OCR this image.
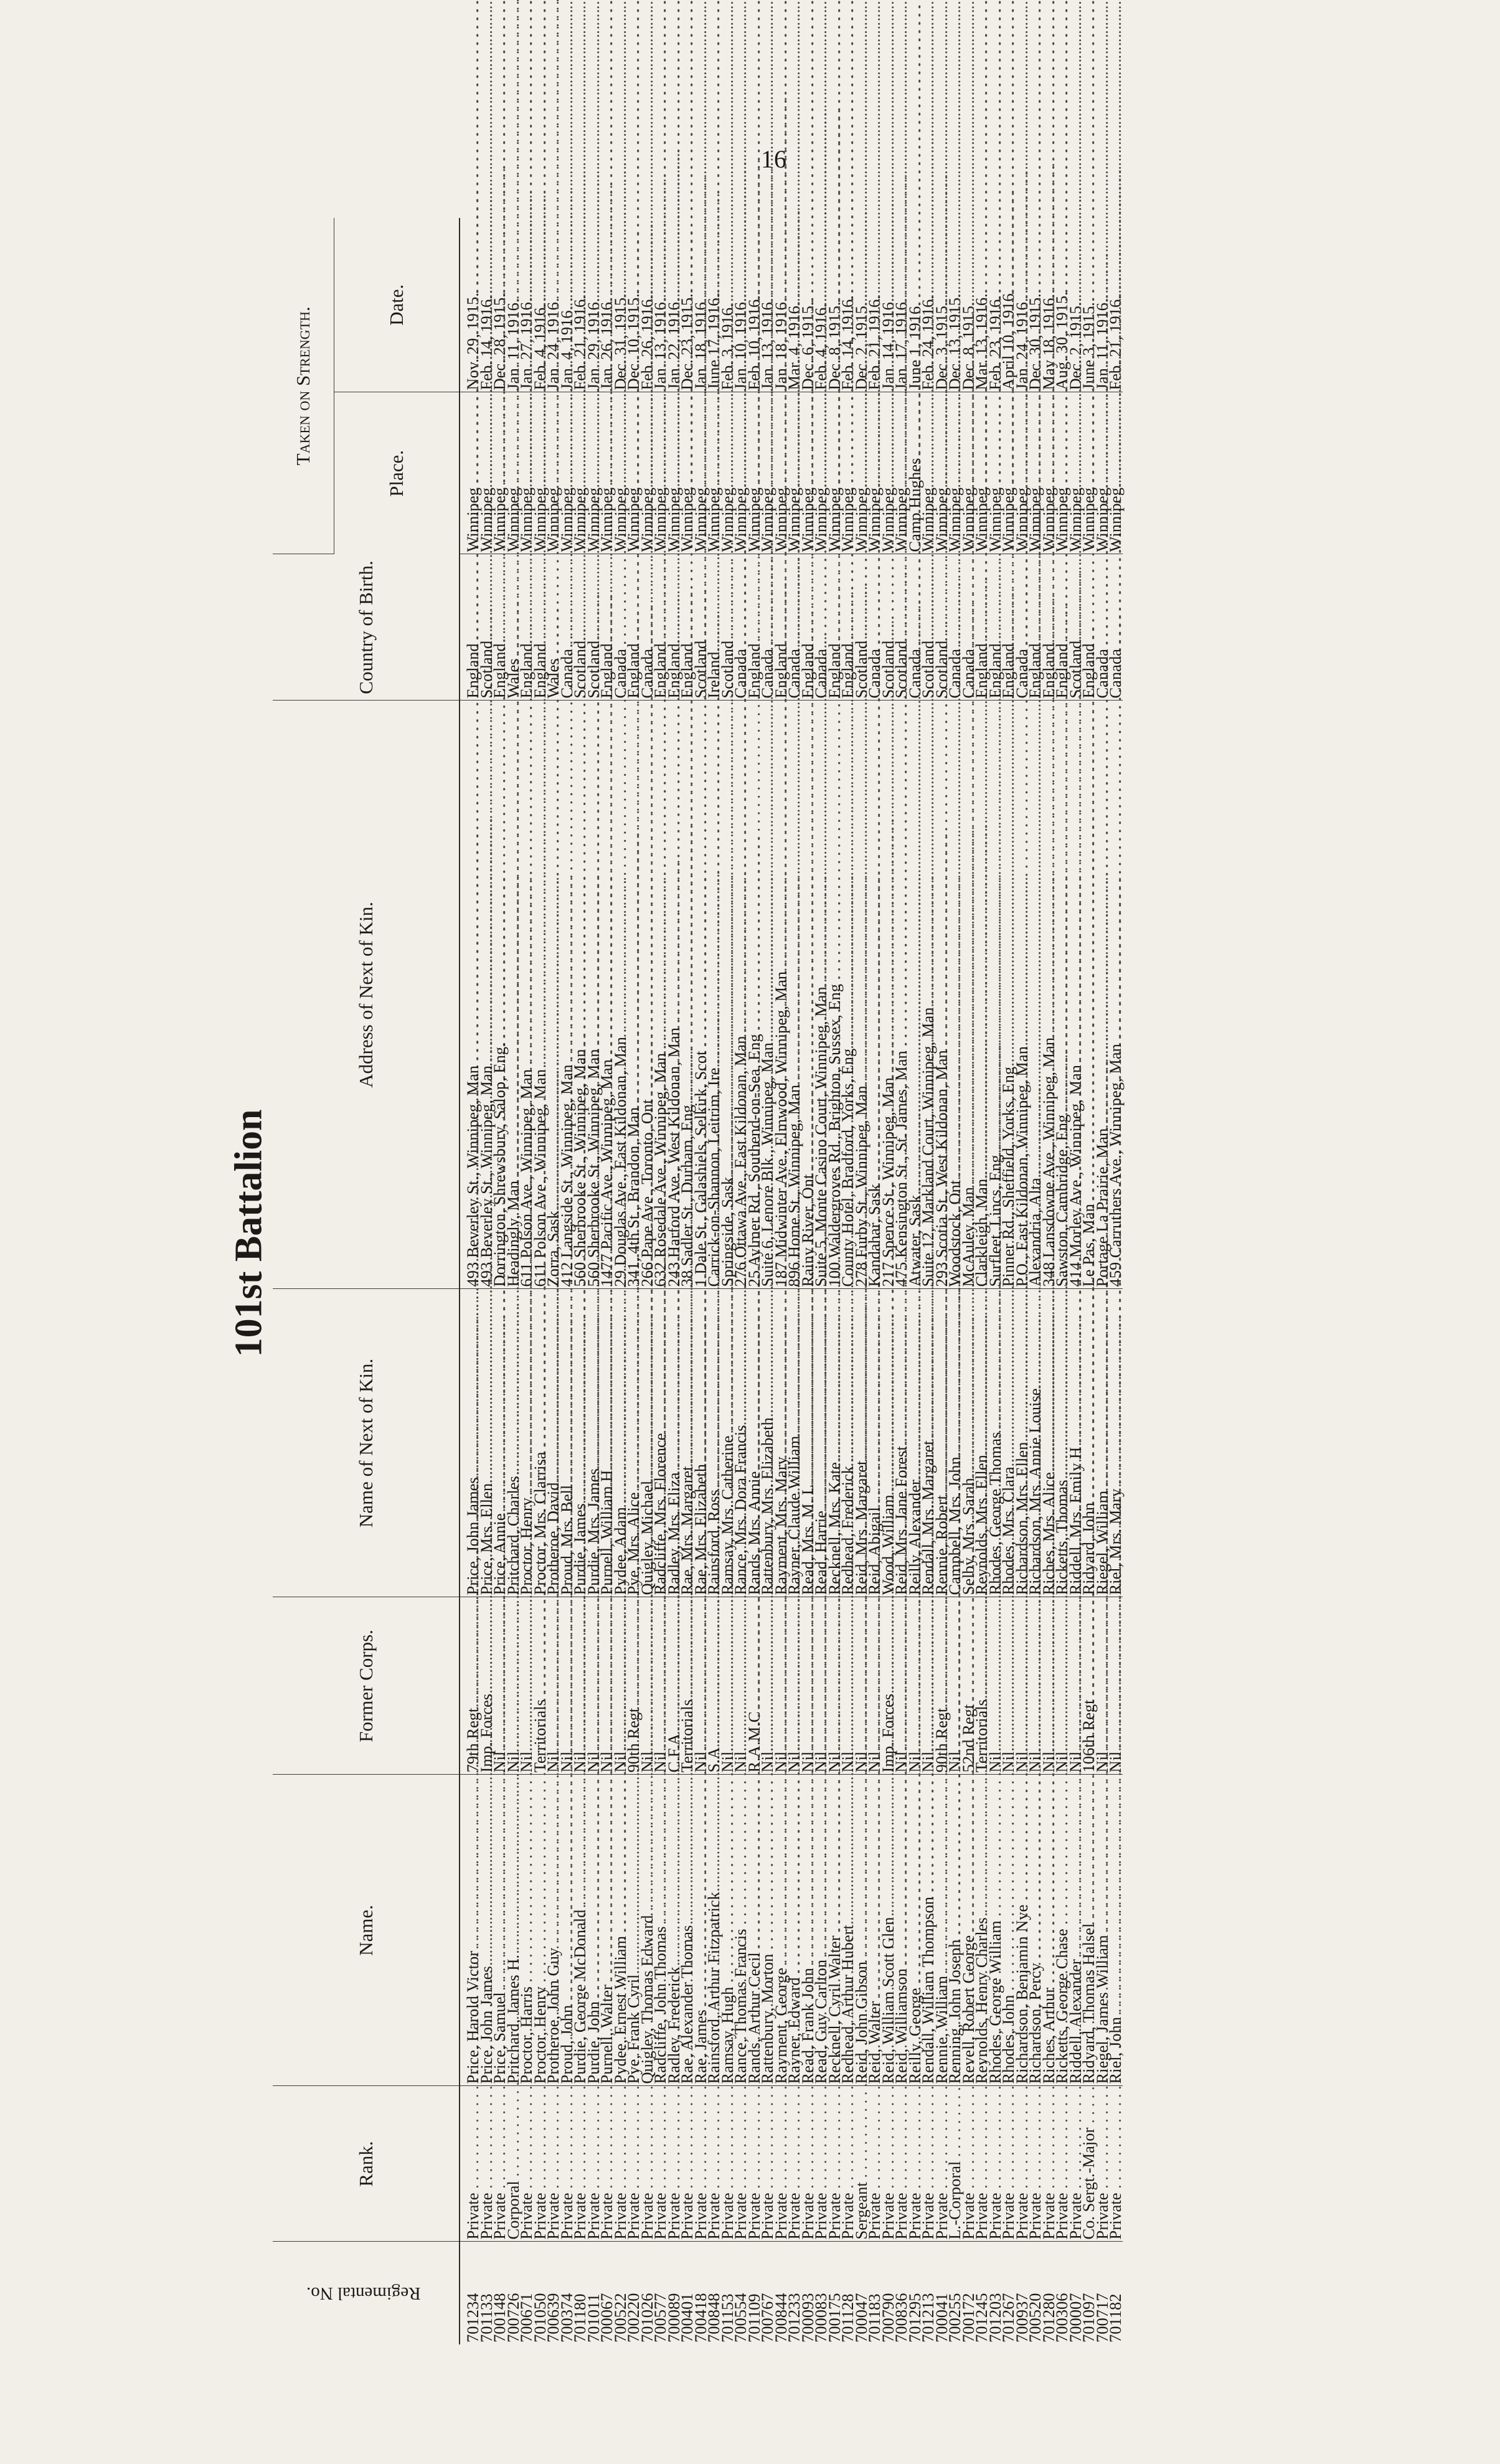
16
101st Battalion
Regimental No.	Rank.	Name.	Former Corps.	Name of Next of Kin.	Address of Next of Kin.	Country of Birth.	Taken on Strength.	
							Place.	Date.
701234	Private . . .	Price, Harold Victor . . .	79th Regt . . .	Price, John James . . .	493 Beverley St., Winnipeg, Man . . .	England . . .	Winnipeg . . .	Nov. 29, 1915.
701133	Private . . .	Price, John James . . .	Imp. Forces . . .	Price, Mrs. Ellen . . .	493 Beverley St., Winnipeg, Man . . .	Scotland . . .	Winnipeg . . .	Feb. 14, 1916.
700148	Private . . .	Price, Samuel . . .	Nil . . .	Price, Annie . . .	Dorrington, Shrewsbury, Salop, Eng. . . .	England . . .	Winnipeg . . .	Dec. 28, 1915.
700726	Corporal . . .	Pritchard, James H. . . .	Nil . . .	Pritchard, Charles . . .	Headingly, Man . . .	Wales . . .	Winnipeg . . .	Jan. 11, 1916.
700671	Private . . .	Proctor, Harris . . .	Nil . . .	Proctor, Henry . . .	611 Polson Ave., Winnipeg, Man . . .	England . . .	Winnipeg . . .	Jan. 27, 1916.
701050	Private . . .	Proctor, Henry . . .	Territorials . . .	Proctor, Mrs. Clarrisa . . .	611 Polson Ave., Winnipeg, Man . . .	England . . .	Winnipeg . . .	Feb. 4, 1916.
700639	Private . . .	Protheroe, John Guy . . .	Nil . . .	Protheroe, David . . .	Zorra, Sask . . .	Wales . . .	Winnipeg . . .	Jan. 24, 1916.
700374	Private . . .	Proud, John . . .	Nil . . .	Proud, Mrs. Bell . . .	412 Langside St., Winnipeg, Man . . .	Canada . . .	Winnipeg . . .	Jan. 4, 1916.
701180	Private . . .	Purdie, George McDonald . . .	Nil . . .	Purdie, James . . .	560 Sherbrooke St., Winnipeg, Man . . .	Scotland . . .	Winnipeg . . .	Feb. 21, 1916.
701011	Private . . .	Purdie, John . . .	Nil . . .	Purdie, Mrs. James . . .	560 Sherbrooke St., Winnipeg, Man . . .	Scotland . . .	Winnipeg . . .	Jan. 29, 1916.
700067	Private . . .	Purnell, Walter . . .	Nil . . .	Purnell, William H . . .	1477 Pacific Ave., Winnipeg, Man . . .	England . . .	Winnipeg . . .	Jan. 26, 1916.
700522	Private . . .	Pydee, Ernest William . . .	Nil . . .	Pydee, Adam . . .	29 Douglas Ave., East Kildonan, Man . . .	Canada . . .	Winnipeg . . .	Dec. 31, 1915.
700220	Private . . .	Pye, Frank Cyril . . .	90th Regt . . .	Pye, Mrs. Alice . . .	341, 4th St., Brandon, Man . . .	England . . .	Winnipeg . . .	Dec. 10, 1915.
701026	Private . . .	Quigley, Thomas Edward . . .	Nil . . .	Quigley, Michael . . .	266 Pape Ave., Toronto, Ont . . .	Canada . . .	Winnipeg . . .	Feb. 26, 1916.
700577	Private . . .	Radcliffe, John Thomas . . .	Nil . . .	Radcliffe, Mrs. Florence . . .	632 Rosedale Ave., Winnipeg, Man . . .	England . . .	Winnipeg . . .	Jan. 13, 1916.
700089	Private . . .	Radley, Frederick . . .	C.F.A . . .	Radley, Mrs. Eliza . . .	243 Harford Ave., West Kildonan, Man . . .	England . . .	Winnipeg . . .	Jan. 22, 1916.
700401	Private . . .	Rae, Alexander Thomas . . .	Territorials . . .	Rae, Mrs. Margaret . . .	38 Sadler St., Durham, Eng . . .	England . . .	Winnipeg . . .	Dec. 23, 1915.
700418	Private . . .	Rae, James . . .	Nil . . .	Rae, Mrs. Elizabeth . . .	1 Dale St., Galashiels, Selkirk, Scot . . .	Scotland . . .	Winnipeg . . .	Jan. 18, 1916.
700848	Private . . .	Rainsford, Arthur Fitzpatrick . . .	S.A . . .	Rainsford, Ross . . .	Carrick-on-Shannon, Leitrim, Ire . . .	Ireland . . .	Winnipeg . . .	June 17, 1916.
701153	Private . . .	Ramsay, Hugh . . .	Nil . . .	Ramsay, Mrs. Catherine . . .	Springside, Sask . . .	Scotland . . .	Winnipeg . . .	Feb. 3, 1916.
700554	Private . . .	Rance, Thomas Francis . . .	Nil . . .	Rance, Mrs. Dora Francis . . .	276 Ottawa Ave., East Kildonan, Man . . .	Canada . . .	Winnipeg . . .	Jan. 10, 1916.
701109	Private . . .	Rands, Arthur Cecil . . .	R.A.M.C . . .	Rands, Mrs. Annie . . .	25 Aylmer Rd., Southend-on-Sea, Eng . . .	England . . .	Winnipeg . . .	Feb. 10, 1916.
700767	Private . . .	Rattenbury, Morton . . .	Nil . . .	Rattenbury, Mrs. Elizabeth . . .	Suite 6, Lenore Blk., Winnipeg, Man . . .	Canada . . .	Winnipeg . . .	Jan. 13, 1916.
700844	Private . . .	Rayment, George . . .	Nil . . .	Rayment, Mrs. Mary . . .	187 Midwinter Ave., Elmwood, Winnipeg, Man . . .	England . . .	Winnipeg . . .	Jan. 18, 1916.
701233	Private . . .	Rayner, Edward . . .	Nil . . .	Rayner, Claude William . . .	896 Home St., Winnipeg, Man . . .	Canada . . .	Winnipeg . . .	Mar. 4, 1916.
700093	Private . . .	Read, Frank John . . .	Nil . . .	Read, Mrs. M. L . . .	Rainy River, Ont . . .	England . . .	Winnipeg . . .	Dec. 6, 1915.
700083	Private . . .	Read, Guy Carlton . . .	Nil . . .	Read, Harrie . . .	Suite 5, Monte Casino Court, Winnipeg, Man . . .	Canada . . .	Winnipeg . . .	Feb. 4, 1916.
700175	Private . . .	Recknell, Cyril Walter . . .	Nil . . .	Recknell, Mrs. Kate . . .	100 Waldergroves Rd., Brighton, Sussex, Eng . . .	England . . .	Winnipeg . . .	Dec. 8, 1915.
701128	Private . . .	Redhead, Arthur Hubert . . .	Nil . . .	Redhead, Frederick . . .	County Hotel, Bradford, Yorks, Eng . . .	England . . .	Winnipeg . . .	Feb. 14, 1916.
700047	Sergeant . . .	Reid, John Gibson . . .	Nil . . .	Reid, Mrs. Margaret . . .	278 Furby St., Winnipeg, Man . . .	Scotland . . .	Winnipeg . . .	Dec. 2, 1915.
701183	Private . . .	Reid, Walter . . .	Nil . . .	Reid, Abigail . . .	Kandahar, Sask . . .	Canada . . .	Winnipeg . . .	Feb. 21, 1916.
700790	Private . . .	Reid, William Scott Glen . . .	Imp. Forces . . .	Wood, William . . .	217 Spence St., Winnipeg, Man . . .	Scotland . . .	Winnipeg . . .	Jan. 14, 1916.
700836	Private . . .	Reid, Williamson . . .	Nil . . .	Reid, Mrs. Jane Forest . . .	475 Kensington St., St. James, Man . . .	Scotland . . .	Winnipeg . . .	Jan. 17, 1916.
701295	Private . . .	Reilly, George . . .	Nil . . .	Reilly, Alexander . . .	Atwater, Sask . . .	Canada . . .	Camp Hughes . . .	June 1, 1916.
701213	Private . . .	Rendall, William Thompson . . .	Nil . . .	Rendall, Mrs. Margaret . . .	Suite 12, Markland Court, Winnipeg, Man . . .	Scotland . . .	Winnipeg . . .	Feb. 24, 1916.
700041	Private . . .	Rennie, William . . .	90th Regt . . .	Rennie, Robert . . .	293 Scotia St., West Kildonan, Man . . .	Scotland . . .	Winnipeg . . .	Dec. 3, 1915.
700255	L.-Corporal . . .	Renning, John Joseph . . .	Nil . . .	Campbell, Mrs. John . . .	Woodstock, Ont . . .	Canada . . .	Winnipeg . . .	Dec. 13, 1915.
700172	Private . . .	Revell, Robert George . . .	52nd Regt . . .	Selby, Mrs. Sarah . . .	McAuley, Man . . .	Canada . . .	Winnipeg . . .	Dec. 8, 1915.
701245	Private . . .	Reynolds, Henry Charles . . .	Territorials . . .	Reynolds, Mrs. Ellen . . .	Clarkleigh, Man . . .	England . . .	Winnipeg . . .	Mar. 13, 1916.
701203	Private . . .	Rhodes, George William . . .	Nil . . .	Rhodes, George Thomas . . .	Surfleet, Lincs, Eng . . .	England . . .	Winnipeg . . .	Feb. 23, 1916.
701267	Private . . .	Rhodes, John . . .	Nil . . .	Rhodes, Mrs. Clara . . .	Pinner Rd., Sheffield, Yorks, Eng . . .	England . . .	Winnipeg . . .	April 10, 1916.
700937	Private . . .	Richardson, Benjamin Nye . . .	Nil . . .	Richardson, Mrs. Ellen . . .	P.O., East Kildonan, Winnipeg, Man . . .	Canada . . .	Winnipeg . . .	Jan. 24, 1916.
700520	Private . . .	Richardson, Percy . . .	Nil . . .	Richardson, Mrs. Annie Louise . . .	Alexandria, Alta . . .	England . . .	Winnipeg . . .	Dec. 30, 1915.
701280	Private . . .	Riches, Arthur . . .	Nil . . .	Riches, Mrs. Alice . . .	348 Lansdowne Ave., Winnipeg, Man . . .	England . . .	Winnipeg . . .	May 18, 1916.
700306	Private . . .	Ricketts, George Chase . . .	Nil . . .	Ricketts, Thomas . . .	Sawston, Cambridge, Eng . . .	England . . .	Winnipeg . . .	Aug. 30, 1915.
700007	Private . . .	Riddell, Alexander . . .	Nil . . .	Riddell, Mrs. Emily H . . .	414 Morley Ave., Winnipeg, Man . . .	Scotland . . .	Winnipeg . . .	Dec. 2, 1915.
701097	Co. Sergt.-Major . . .	Ridyard, Thomas Halsel . . .	106th Regt . . .	Ridyard, John . . .	Le Pas, Man . . .	England . . .	Winnipeg . . .	June 3, 1915.
700717	Private . . .	Riegel, James William . . .	Nil . . .	Riegel, William . . .	Portage La Prairie, Man . . .	Canada . . .	Winnipeg . . .	Jan. 11, 1916.
701182	Private . . .	Riel, John . . .	Nil . . .	Riel, Mrs. Mary . . .	459 Carruthers Ave., Winnipeg, Man . . .	Canada . . .	Winnipeg . . .	Feb. 21, 1916.
